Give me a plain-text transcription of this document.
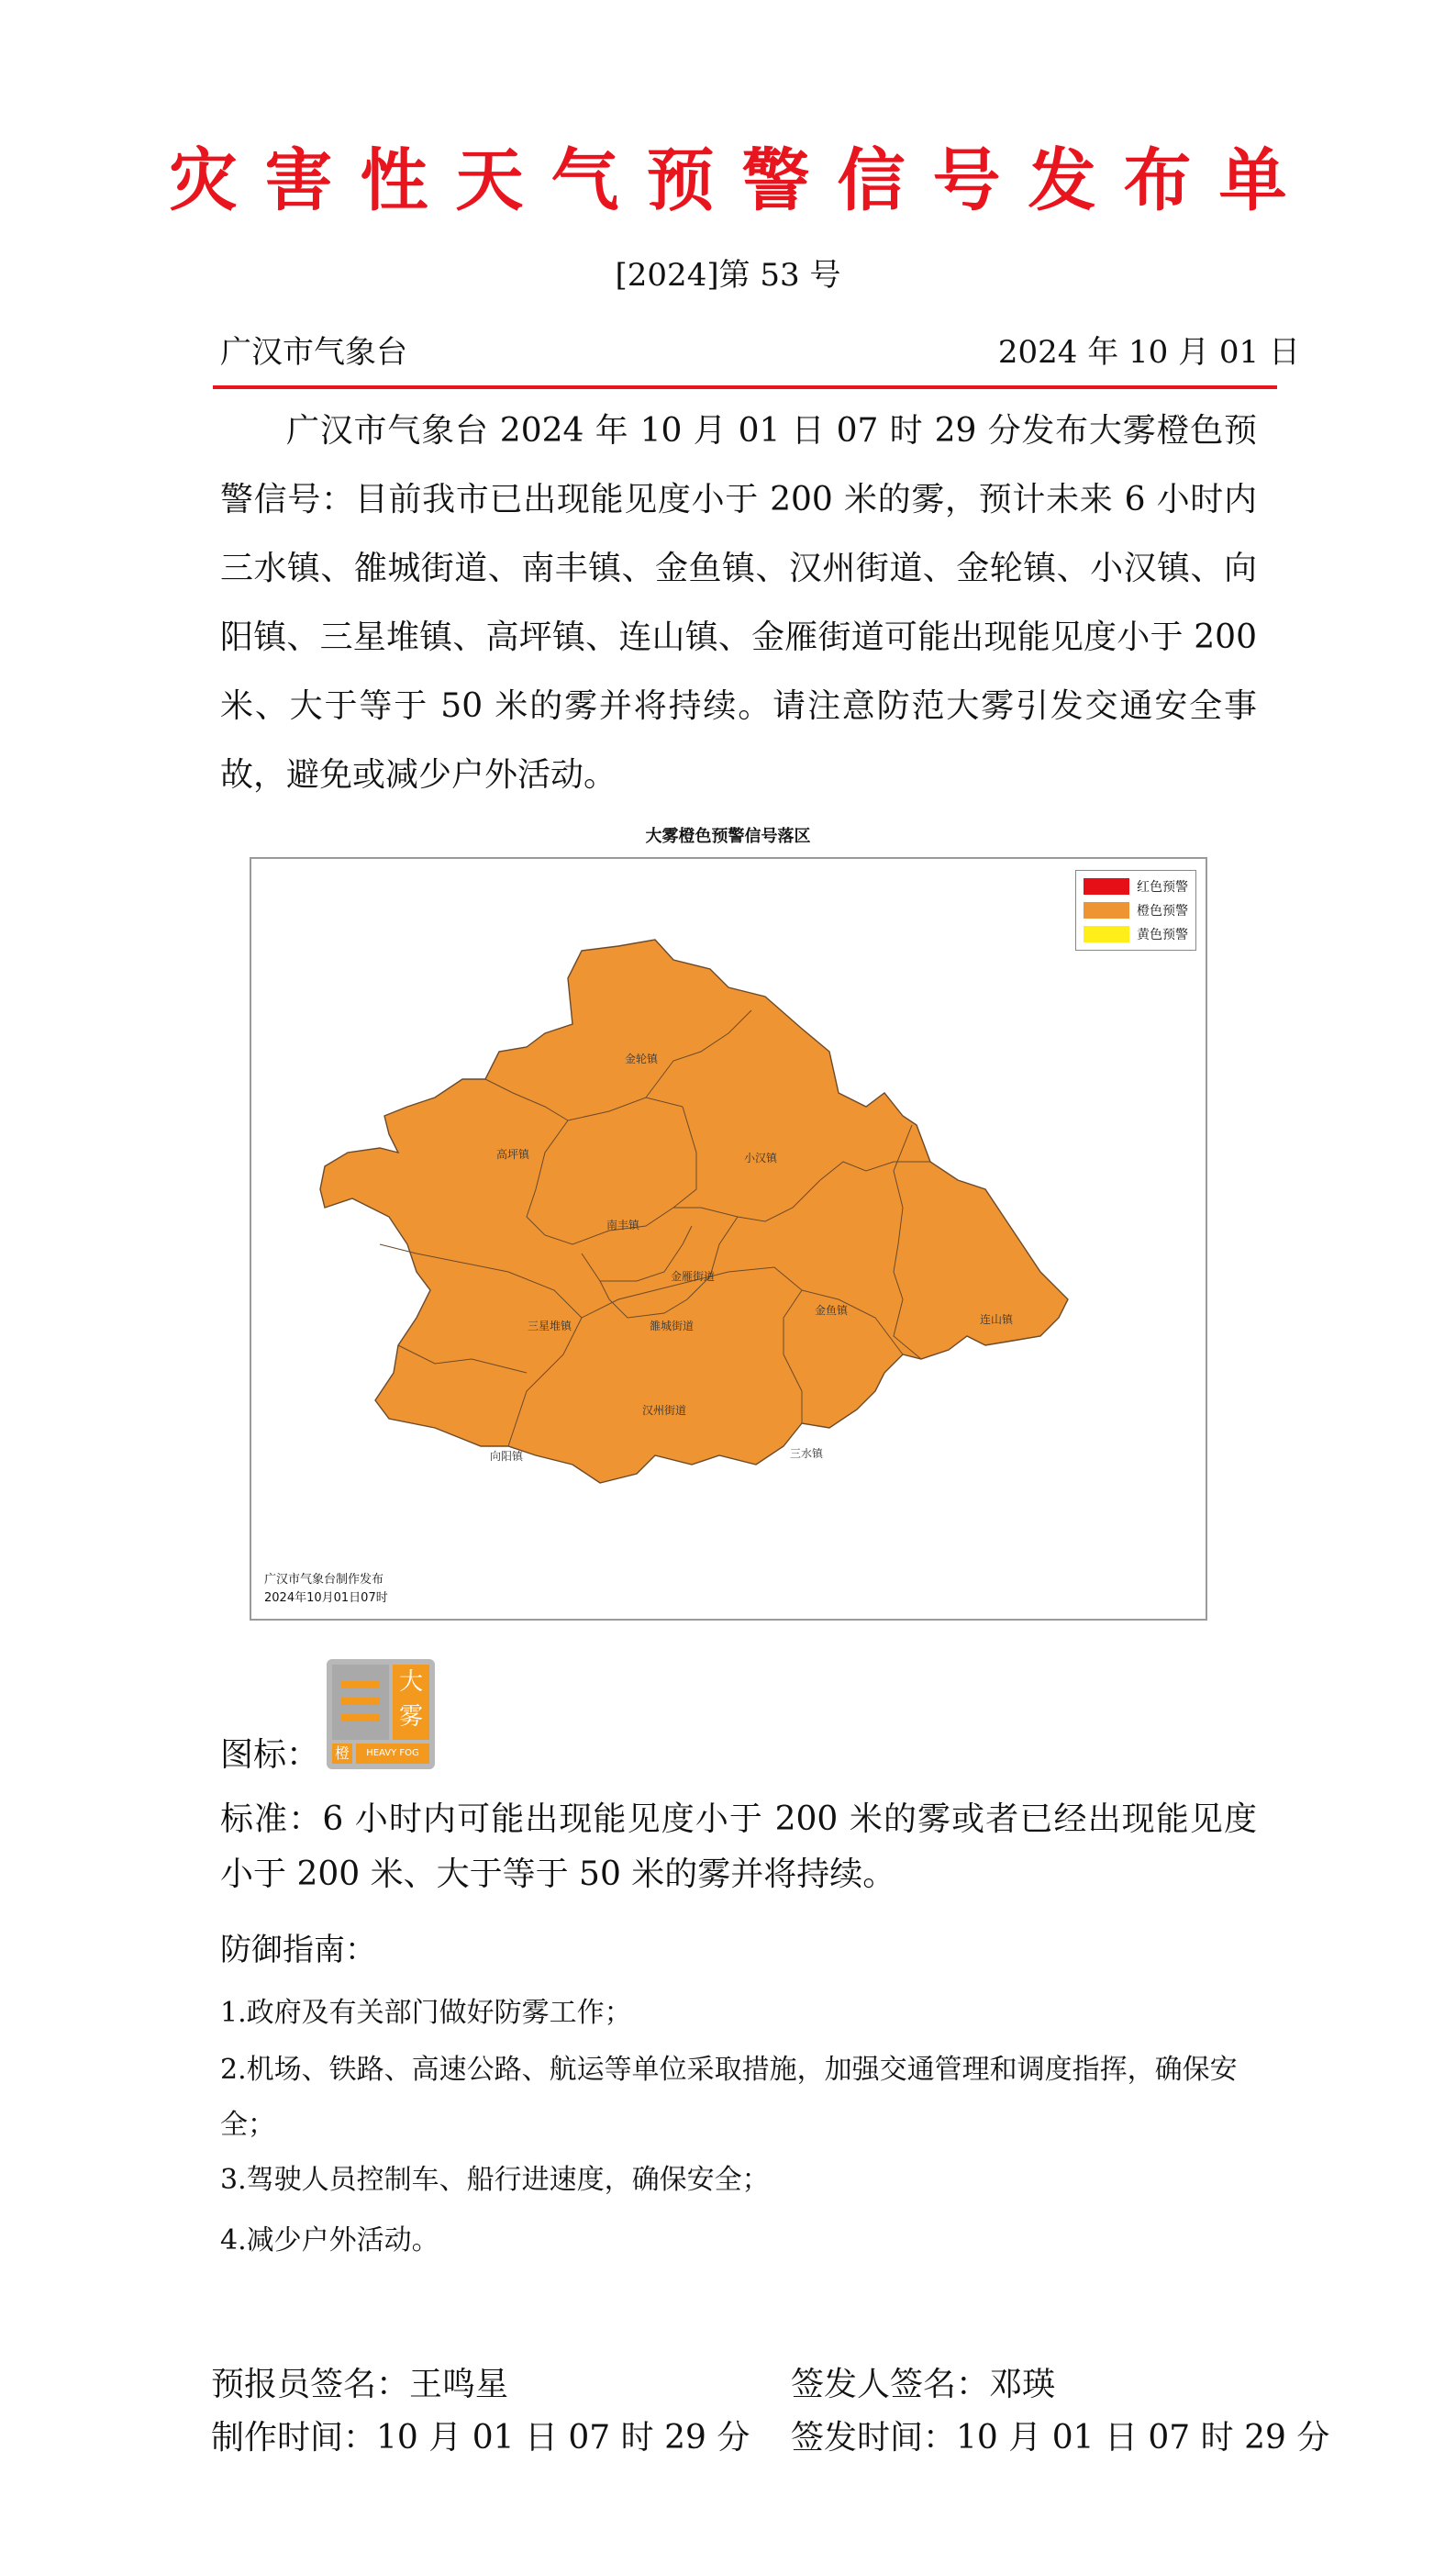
灾害性天气预警信号发布单
[2024]第 53 号
广汉市气象台	2024 年 10 月 01 日

广汉市气象台 2024 年 10 月 01 日 07 时 29 分发布大雾橙色预警信号：目前我市已出现能见度小于 200 米的雾，预计未来 6 小时内三水镇、雒城街道、南丰镇、金鱼镇、汉州街道、金轮镇、小汉镇、向阳镇、三星堆镇、高坪镇、连山镇、金雁街道可能出现能见度小于 200 米、大于等于 50 米的雾并将持续。请注意防范大雾引发交通安全事故，避免或减少户外活动。

大雾橙色预警信号落区
金轮镇
高坪镇	小汉镇
南丰镇
金雁街道
三星堆镇	雒城街道
金鱼镇
连山镇
汉州街道
向阳镇	三水镇
红色预警
橙色预警
黄色预警
广汉市气象台制作发布
2024年10月01日07时
图标：
大
雾
橙	HEAVY FOG

标准：6 小时内可能出现能见度小于 200 米的雾或者已经出现能见度小于 200 米、大于等于 50 米的雾并将持续。

防御指南：

1.政府及有关部门做好防雾工作；

2.机场、铁路、高速公路、航运等单位采取措施，加强交通管理和调度指挥，确保安全；

3.驾驶人员控制车、船行进速度，确保安全；

4.减少户外活动。

预报员签名：王鸣星	签发人签名：邓瑛
制作时间：10 月 01 日 07 时 29 分 签发时间：10 月 01 日 07 时 29 分
